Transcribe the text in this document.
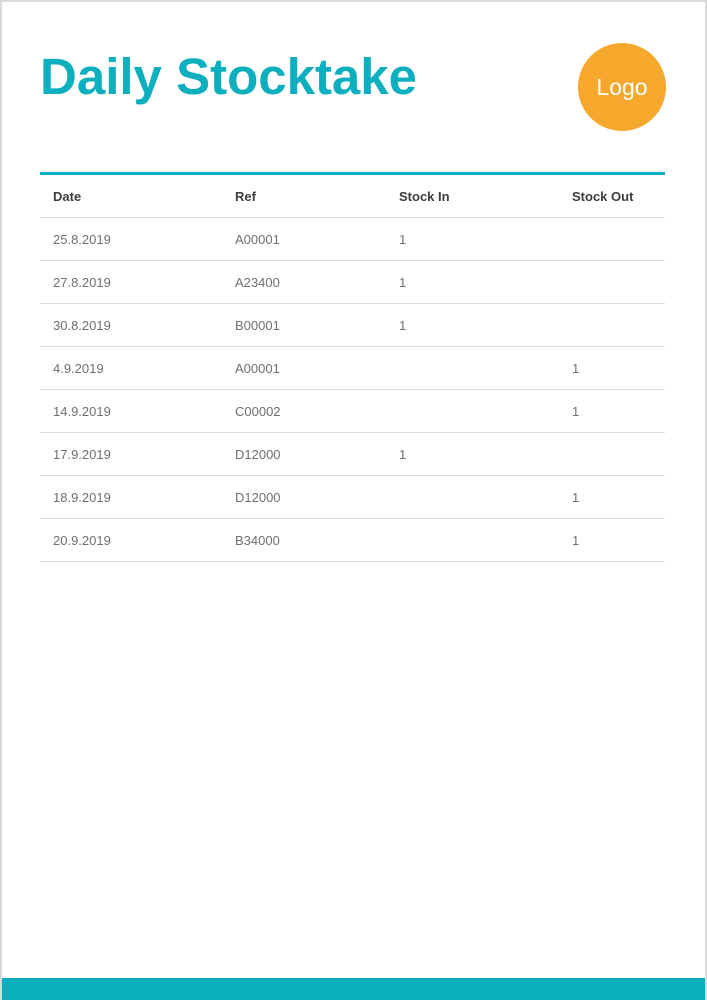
Daily Stocktake	Logo
Date	Ref	Stock In	Stock Out
25.8.2019	A00001	1	
27.8.2019	A23400	1	
30.8.2019	B00001	1	
4.9.2019	A00001		1
14.9.2019	C00002		1
17.9.2019	D12000	1	
18.9.2019	D12000		1
20.9.2019	B34000		1
